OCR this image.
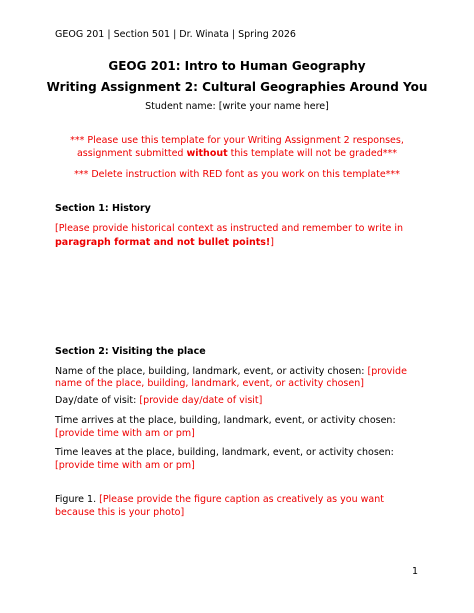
GEOG 201 | Section 501 | Dr. Winata | Spring 2026
GEOG 201: Intro to Human Geography
Writing Assignment 2: Cultural Geographies Around You
Student name: [write your name here]
*** Please use this template for your Writing Assignment 2 responses,
assignment submitted without this template will not be graded***
*** Delete instruction with RED font as you work on this template***
Section 1: History
[Please provide historical context as instructed and remember to write in
paragraph format and not bullet points!]
Section 2: Visiting the place
Name of the place, building, landmark, event, or activity chosen: [provide
name of the place, building, landmark, event, or activity chosen]
Day/date of visit: [provide day/date of visit]
Time arrives at the place, building, landmark, event, or activity chosen:
[provide time with am or pm]
Time leaves at the place, building, landmark, event, or activity chosen:
[provide time with am or pm]
Figure 1. [Please provide the figure caption as creatively as you want
because this is your photo]
1
